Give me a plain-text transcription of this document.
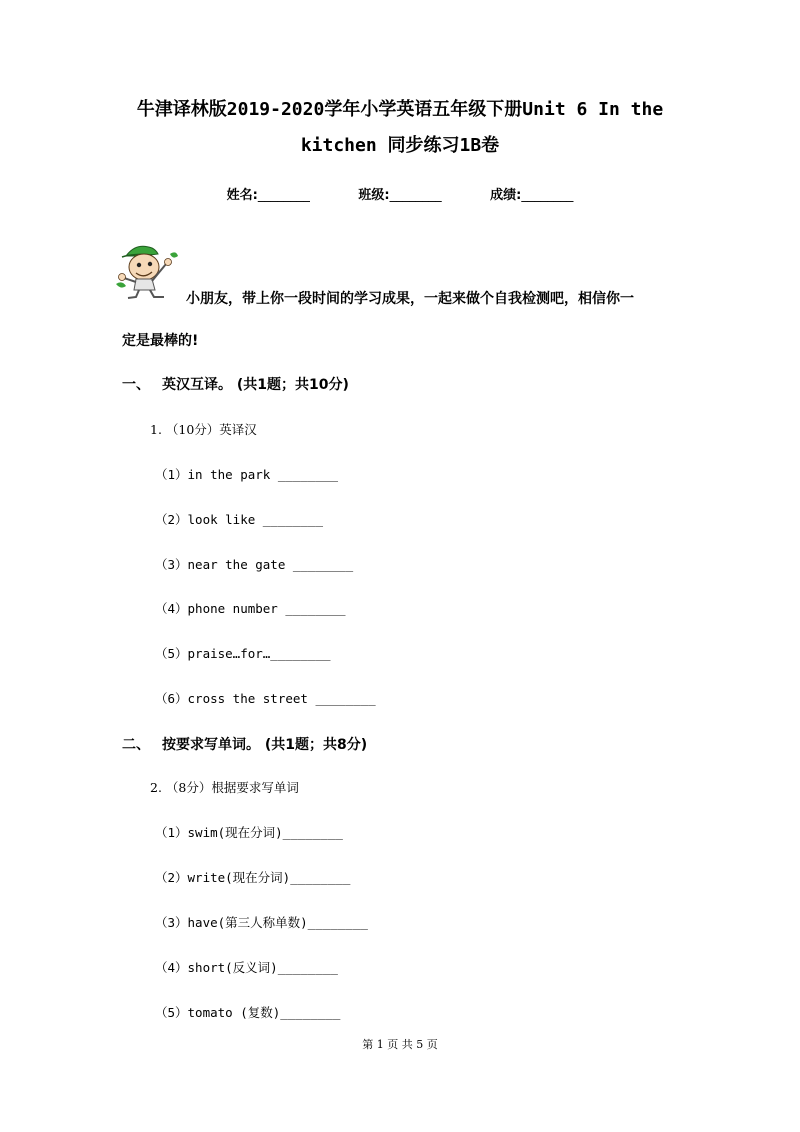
牛津译林版2019-2020学年小学英语五年级下册Unit 6 In the
kitchen 同步练习1B卷
姓名:________	班级:________	成绩:________
小朋友，带上你一段时间的学习成果，一起来做个自我检测吧，相信你一
定是最棒的!
一、 英汉互译。 (共1题；共10分)
1. （10分）英译汉
（1）in the park ________
（2）look like ________
（3）near the gate ________
（4）phone number ________
（5）praise…for…________
（6）cross the street ________
二、 按要求写单词。 (共1题；共8分)
2. （8分）根据要求写单词
（1）swim(现在分词)________
（2）write(现在分词)________
（3）have(第三人称单数)________
（4）short(反义词)________
（5）tomato (复数)________
第 1 页 共 5 页
